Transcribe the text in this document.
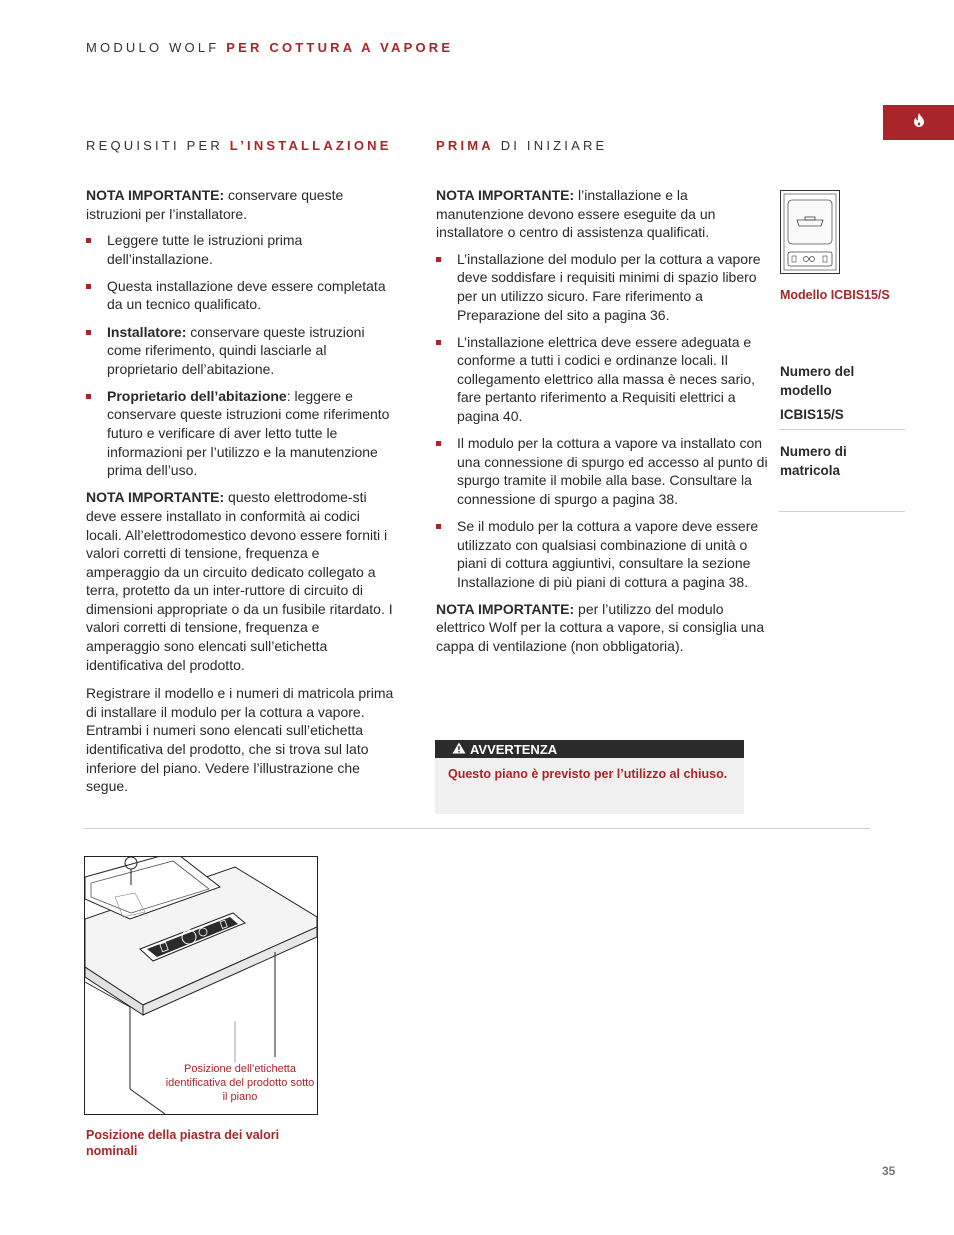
MODULO WOLF PER COTTURA A VAPORE
REQUISITI PER L’INSTALLAZIONE	PRIMA DI INIZIARE

NOTA IMPORTANTE: conservare queste istruzioni per l’installatore.

Leggere tutte le istruzioni prima dell’installazione.
Questa installazione deve essere completata da un tecnico qualificato.
Installatore: conservare queste istruzioni come riferimento, quindi lasciarle al proprietario dell’abitazione.
Proprietario dell’abitazione: leggere e conservare queste istruzioni come riferimento futuro e verificare di aver letto tutte le informazioni per l’utilizzo e la manutenzione prima dell’uso.

NOTA IMPORTANTE: questo elettrodome-sti deve essere installato in conformità ai codici locali. All’elettrodomestico devono essere forniti i valori corretti di tensione, frequenza e amperaggio da un circuito dedicato collegato a terra, protetto da un inter-ruttore di circuito di dimensioni appropriate o da un fusibile ritardato. I valori corretti di tensione, frequenza e amperaggio sono elencati sull’etichetta identificativa del prodotto.

Registrare il modello e i numeri di matricola prima di installare il modulo per la cottura a vapore. Entrambi i numeri sono elencati sull’etichetta identificativa del prodotto, che si trova sul lato inferiore del piano. Vedere l’illustrazione che segue.

NOTA IMPORTANTE: l’installazione e la manutenzione devono essere eseguite da un installatore o centro di assistenza qualificati.

L’installazione del modulo per la cottura a vapore deve soddisfare i requisiti minimi di spazio libero per un utilizzo sicuro. Fare riferimento a Preparazione del sito a pagina 36.
L’installazione elettrica deve essere adeguata e conforme a tutti i codici e ordinanze locali. Il collegamento elettrico alla massa è neces sario, fare pertanto riferimento a Requisiti elettrici a pagina 40.
Il modulo per la cottura a vapore va installato con una connessione di spurgo ed accesso al punto di spurgo tramite il mobile alla base. Consultare la connessione di spurgo a pagina 38.
Se il modulo per la cottura a vapore deve essere utilizzato con qualsiasi combinazione di unità o piani di cottura aggiuntivi, consultare la sezione Installazione di più piani di cottura a pagina 38.

NOTA IMPORTANTE: per l’utilizzo del modulo elettrico Wolf per la cottura a vapore, si consiglia una cappa di ventilazione (non obbligatoria).

AVVERTENZA
Questo piano è previsto per l’utilizzo al chiuso.
Modello ICBIS15/S
Numero del modello
ICBIS15/S
Numero di matricola
Posizione dell’etichetta identificativa del prodotto sotto il piano
Posizione della piastra dei valori nominali
35
